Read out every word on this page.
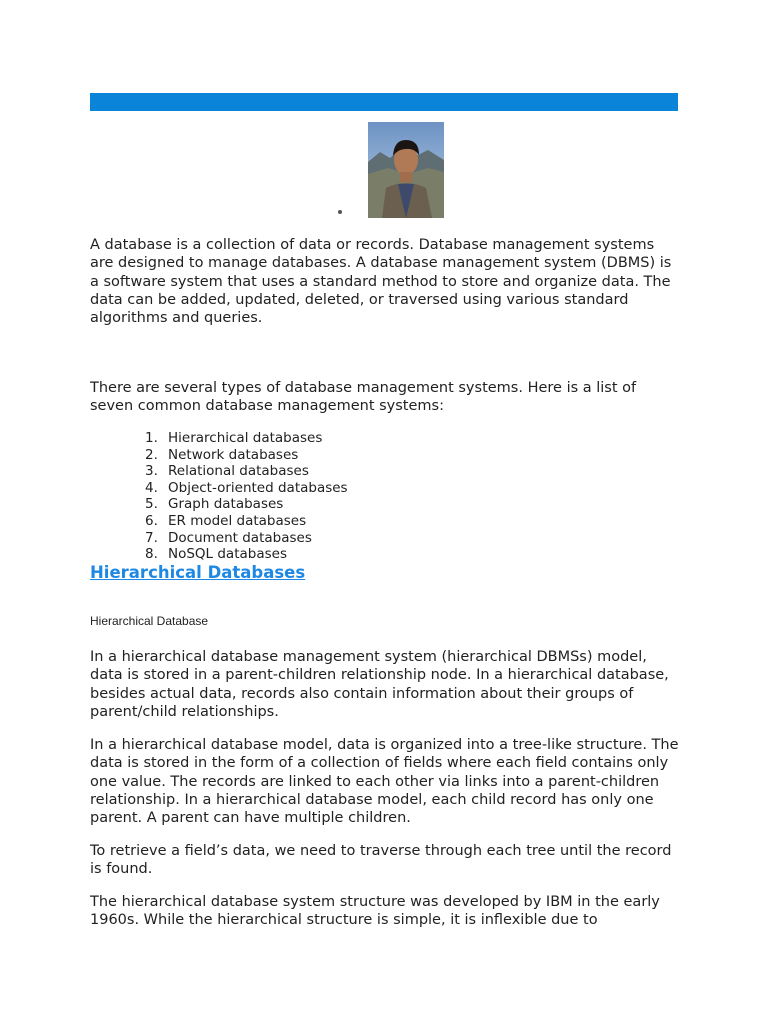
A database is a collection of data or records. Database management systems are designed to manage databases. A database management system (DBMS) is a software system that uses a standard method to store and organize data. The data can be added, updated, deleted, or traversed using various standard algorithms and queries.

There are several types of database management systems. Here is a list of seven common database management systems:

1. Hierarchical databases
2. Network databases
3. Relational databases
4. Object-oriented databases
5. Graph databases
6. ER model databases
7. Document databases
8. NoSQL databases
Hierarchical Databases
Hierarchical Database

In a hierarchical database management system (hierarchical DBMSs) model, data is stored in a parent-children relationship node. In a hierarchical database, besides actual data, records also contain information about their groups of parent/child relationships.

In a hierarchical database model, data is organized into a tree-like structure. The data is stored in the form of a collection of fields where each field contains only one value. The records are linked to each other via links into a parent-children relationship. In a hierarchical database model, each child record has only one parent. A parent can have multiple children.

To retrieve a field’s data, we need to traverse through each tree until the record is found.

The hierarchical database system structure was developed by IBM in the early 1960s. While the hierarchical structure is simple, it is inflexible due to
